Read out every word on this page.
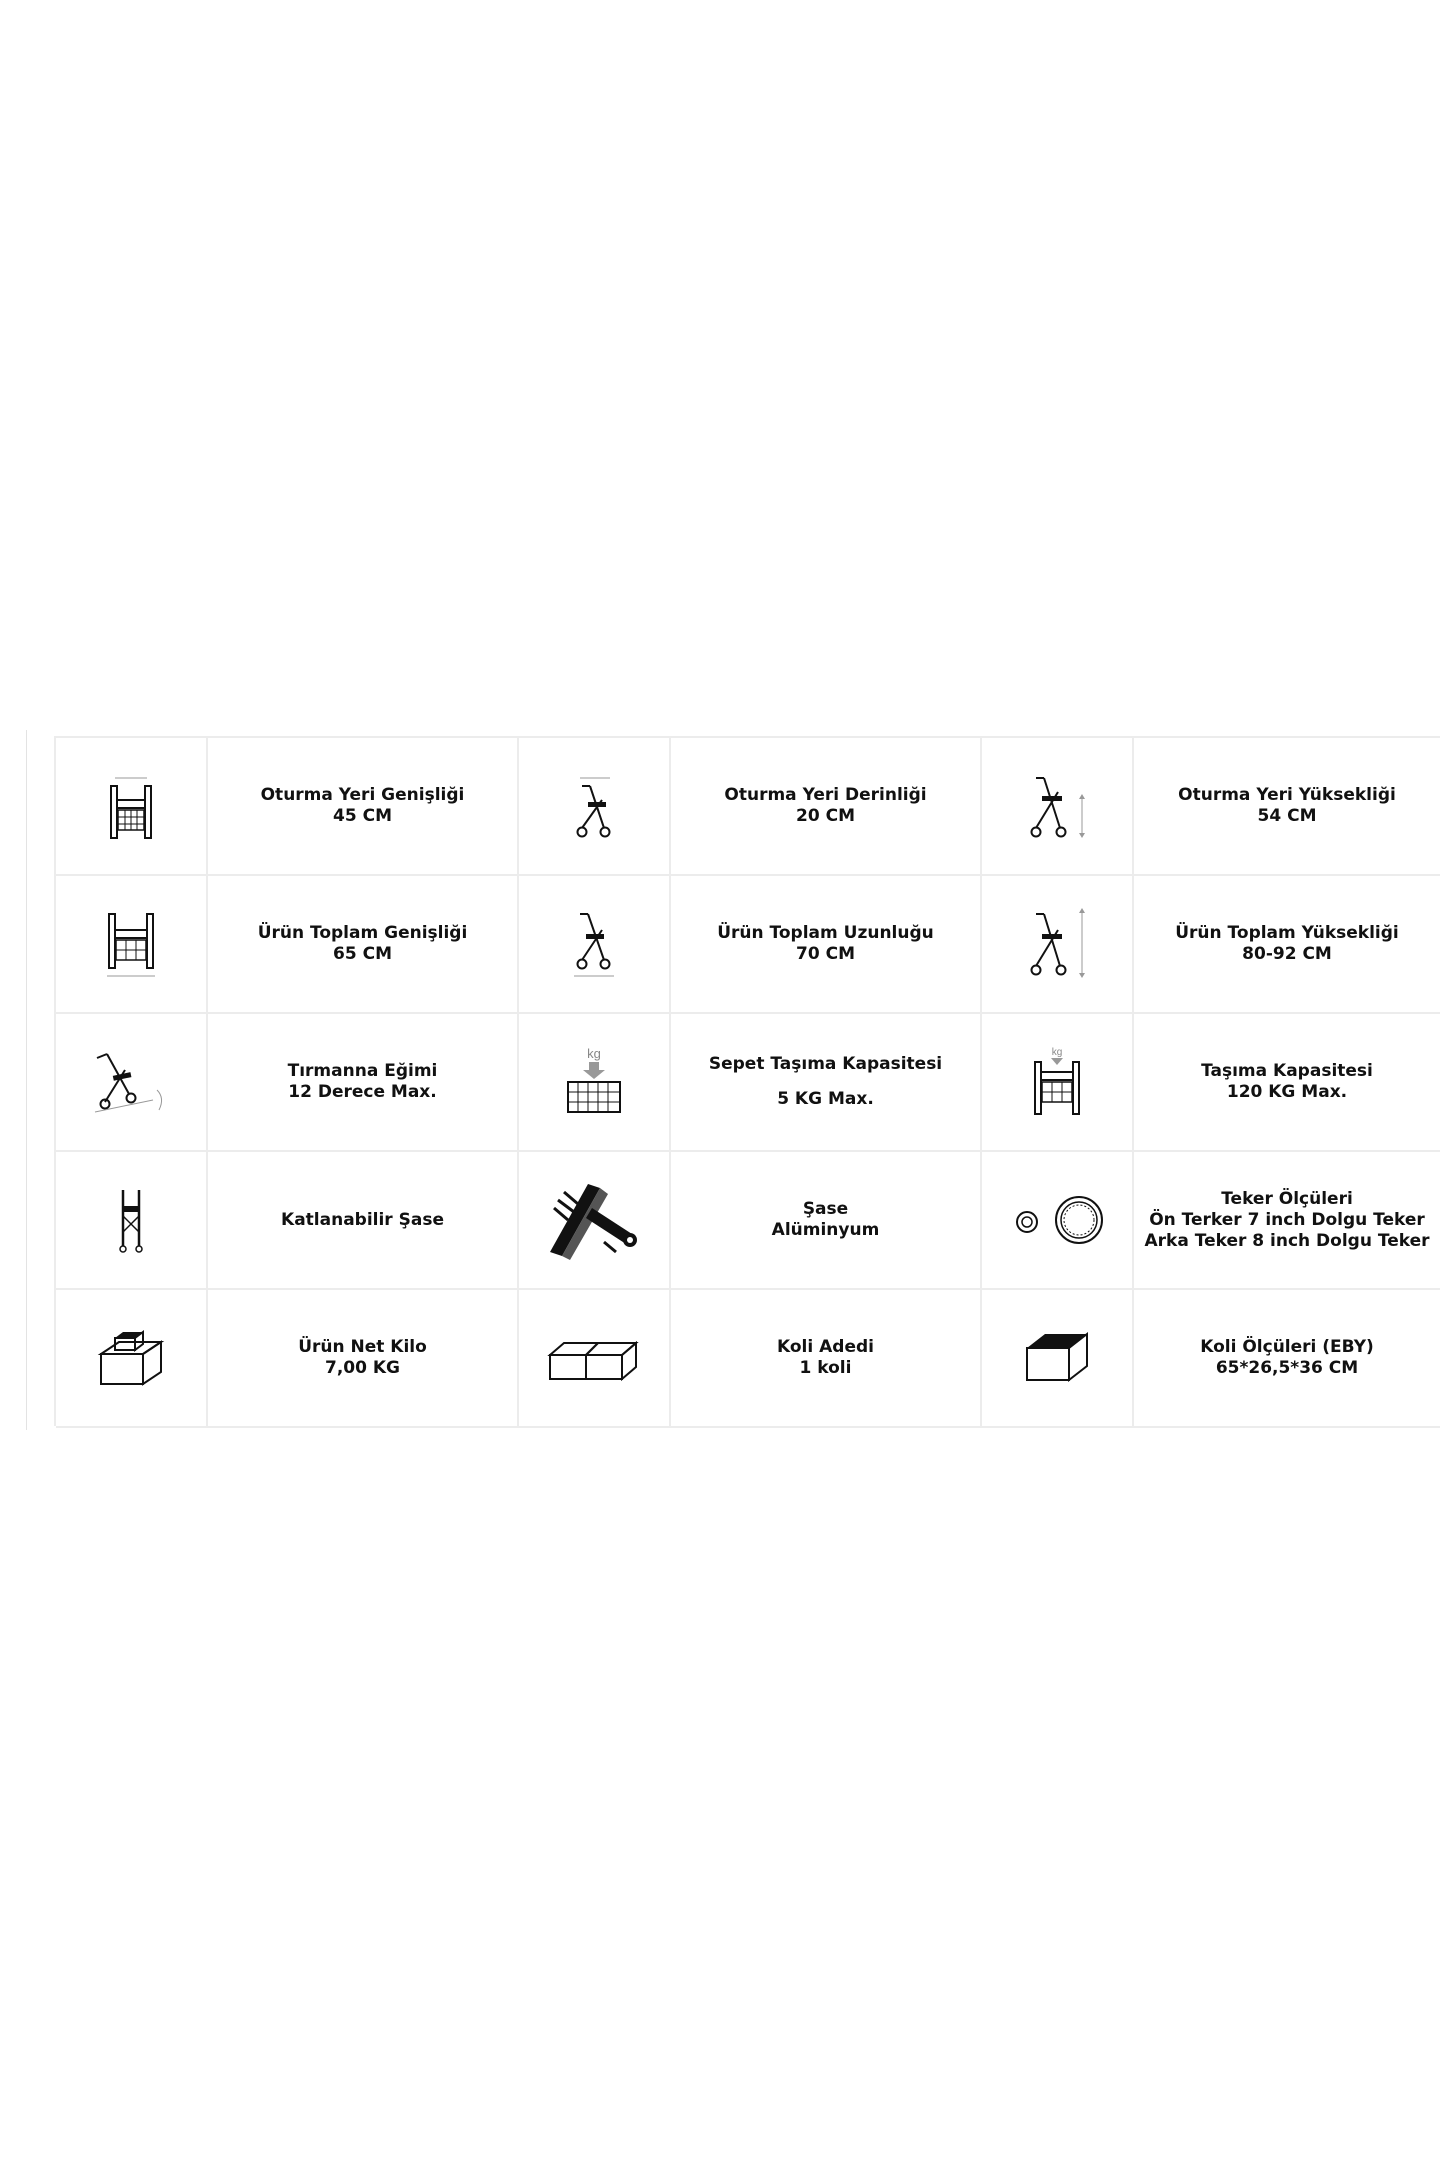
Oturma Yeri Genişliği
45 CM
Oturma Yeri Derinliği
20 CM
Oturma Yeri Yüksekliği
54 CM
Ürün Toplam Genişliği
65 CM
Ürün Toplam Uzunluğu
70 CM
Ürün Toplam Yüksekliği
80-92 CM
Tırmanna Eğimi
12 Derece Max.
kg
Sepet Taşıma Kapasitesi
5 KG Max.
kg
Taşıma Kapasitesi
120 KG Max.
Katlanabilir Şase
Şase
Alüminyum
Teker Ölçüleri
Ön Terker 7 inch Dolgu Teker
Arka Teker 8 inch Dolgu Teker
Ürün Net Kilo
7,00 KG
Koli Adedi
1 koli
Koli Ölçüleri (EBY)
65*26,5*36 CM
